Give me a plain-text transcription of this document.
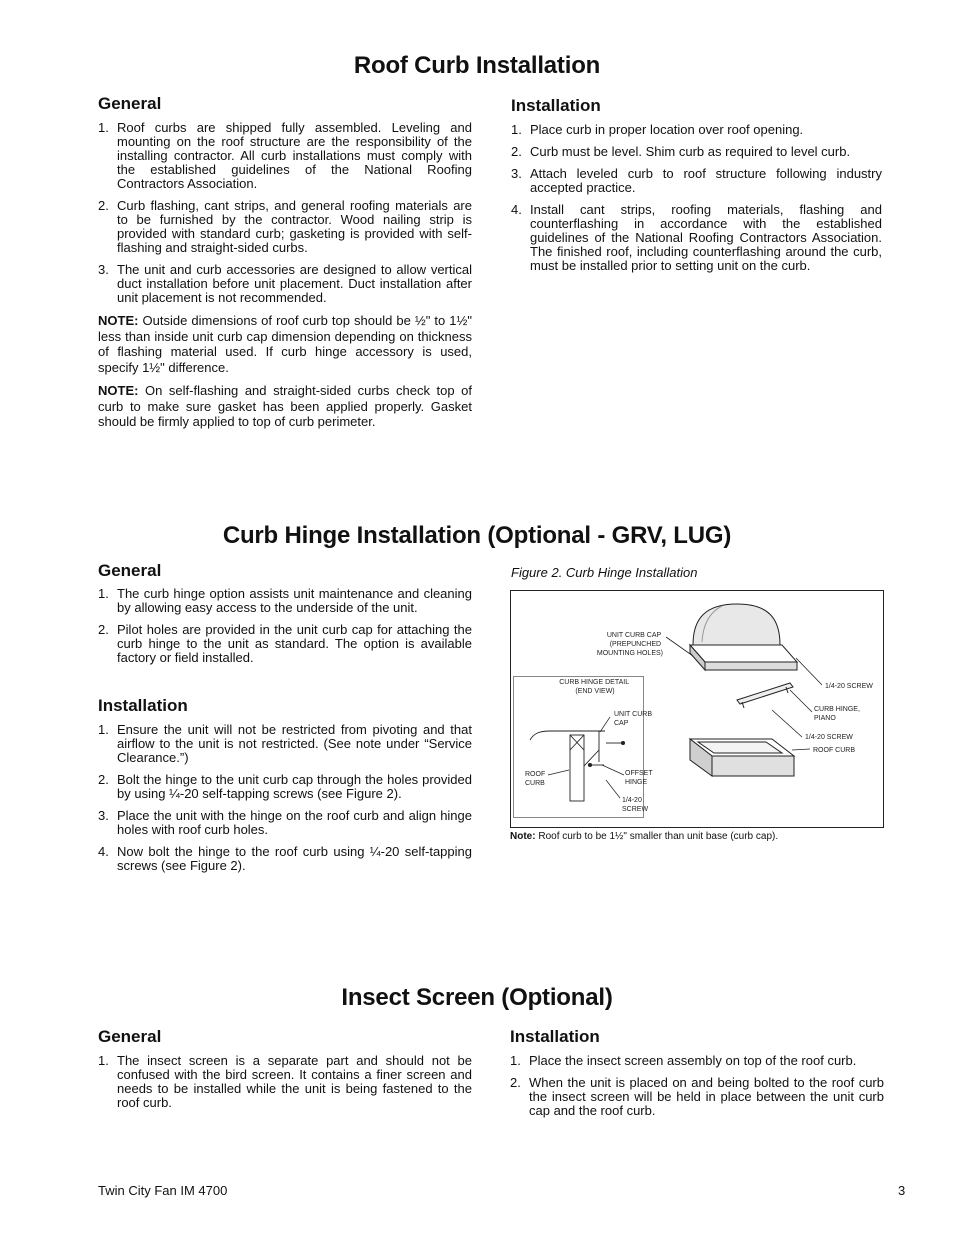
Roof Curb Installation
General
1. Roof curbs are shipped fully assembled. Leveling and mounting on the roof structure are the responsibility of the installing contractor. All curb installations must comply with the established guidelines of the National Roofing Contractors Association.
2. Curb flashing, cant strips, and general roofing materials are to be furnished by the contractor. Wood nailing strip is provided with standard curb; gasketing is provided with self-flashing and straight-sided curbs.
3. The unit and curb accessories are designed to allow vertical duct installation before unit placement. Duct installation after unit placement is not recommended.
NOTE: Outside dimensions of roof curb top should be ½" to 1½" less than inside unit curb cap dimension depending on thickness of flashing material used. If curb hinge accessory is used, specify 1½" difference.
NOTE: On self-flashing and straight-sided curbs check top of curb to make sure gasket has been applied properly. Gasket should be firmly applied to top of curb perimeter.
Installation
1. Place curb in proper location over roof opening.
2. Curb must be level. Shim curb as required to level curb.
3. Attach leveled curb to roof structure following industry accepted practice.
4. Install cant strips, roofing materials, flashing and counterflashing in accordance with the established guidelines of the National Roofing Contractors Association. The finished roof, including counterflashing around the curb, must be installed prior to setting unit on the curb.
Curb Hinge Installation (Optional - GRV, LUG)
General
1. The curb hinge option assists unit maintenance and cleaning by allowing easy access to the underside of the unit.
2. Pilot holes are provided in the unit curb cap for attaching the curb hinge to the unit as standard. The option is available factory or field installed.
Installation
1. Ensure the unit will not be restricted from pivoting and that airflow to the unit is not restricted. (See note under “Service Clearance.”)
2. Bolt the hinge to the unit curb cap through the holes provided by using ¼-20 self-tapping screws (see Figure 2).
3. Place the unit with the hinge on the roof curb and align hinge holes with roof curb holes.
4. Now bolt the hinge to the roof curb using ¼-20 self-tapping screws (see Figure 2).
Figure 2. Curb Hinge Installation
UNIT CURB CAP (PREPUNCHED MOUNTING HOLES)
1/4-20 SCREW
CURB HINGE, PIANO
1/4-20 SCREW
ROOF CURB
CURB HINGE DETAIL (END VIEW)
UNIT CURB CAP
ROOF CURB
OFFSET HINGE
1/4-20 SCREW
Note: Roof curb to be 1½" smaller than unit base (curb cap).
Insect Screen (Optional)
General
1. The insect screen is a separate part and should not be confused with the bird screen. It contains a finer screen and needs to be installed while the unit is being fastened to the roof curb.
Installation
1. Place the insect screen assembly on top of the roof curb.
2. When the unit is placed on and being bolted to the roof curb the insect screen will be held in place between the unit curb cap and the roof curb.
Twin City Fan IM 4700	3
